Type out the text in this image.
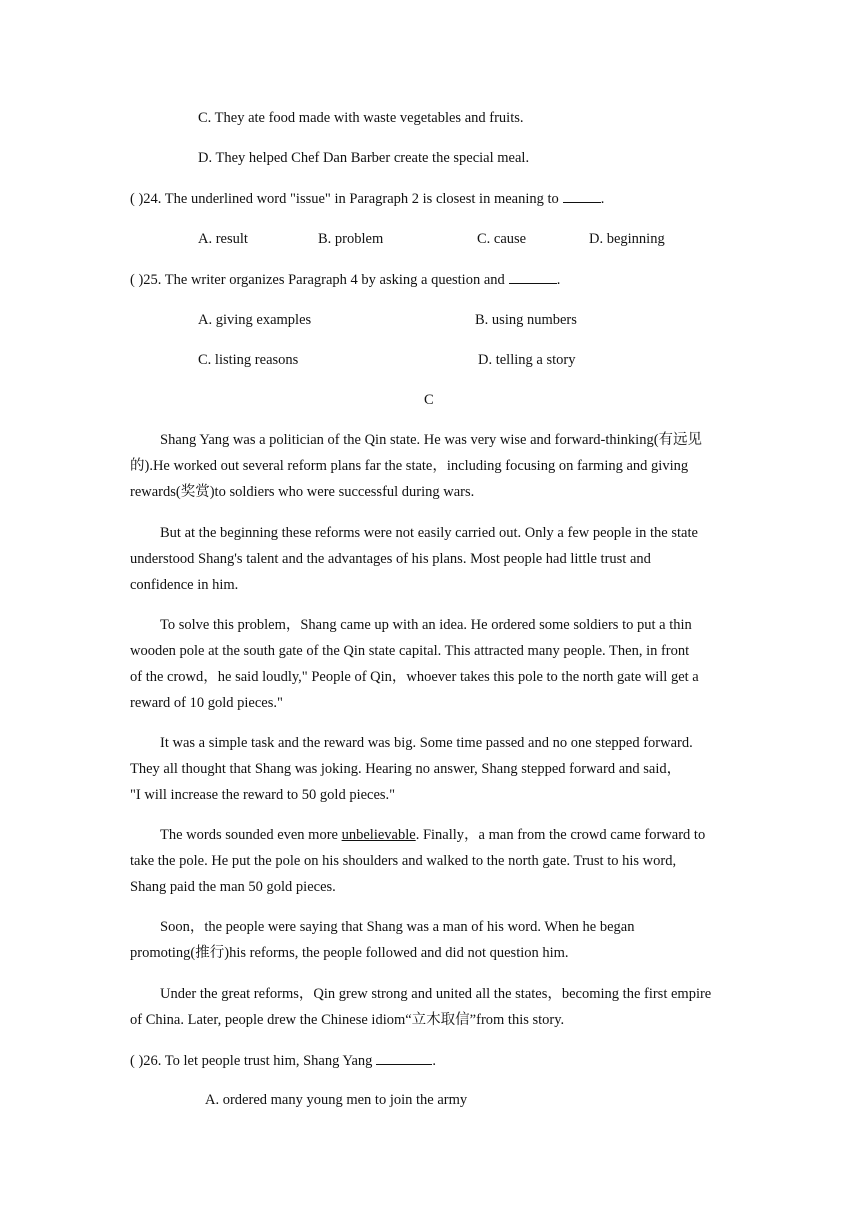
C. They ate food made with waste vegetables and fruits.
D. They helped Chef Dan Barber create the special meal.
( )24. The underlined word "issue" in Paragraph 2 is closest in meaning to	.
A. result	B. problem	C. cause	D. beginning
( )25. The writer organizes Paragraph 4 by asking a question and	.
A. giving examples	B. using numbers
C. listing reasons	D. telling a story
C
Shang Yang was a politician of the Qin state. He was very wise and forward-thinking(有远见
的).He worked out several reform plans far the state，including focusing on farming and giving
rewards(奖赏)to soldiers who were successful during wars.
But at the beginning these reforms were not easily carried out. Only a few people in the state
understood Shang's talent and the advantages of his plans. Most people had little trust and
confidence in him.
To solve this problem，Shang came up with an idea. He ordered some soldiers to put a thin
wooden pole at the south gate of the Qin state capital. This attracted many people. Then, in front
of the crowd，he said loudly," People of Qin，whoever takes this pole to the north gate will get a
reward of 10 gold pieces."
It was a simple task and the reward was big. Some time passed and no one stepped forward.
They all thought that Shang was joking. Hearing no answer, Shang stepped forward and said，
"I will increase the reward to 50 gold pieces."
The words sounded even more unbelievable. Finally，a man from the crowd came forward to
take the pole. He put the pole on his shoulders and walked to the north gate. Trust to his word,
Shang paid the man 50 gold pieces.
Soon，the people were saying that Shang was a man of his word. When he began
promoting(推行)his reforms, the people followed and did not question him.
Under the great reforms，Qin grew strong and united all the states，becoming the first empire
of China. Later, people drew the Chinese idiom“立木取信”from this story.
( )26. To let people trust him, Shang Yang	.
A. ordered many young men to join the army
